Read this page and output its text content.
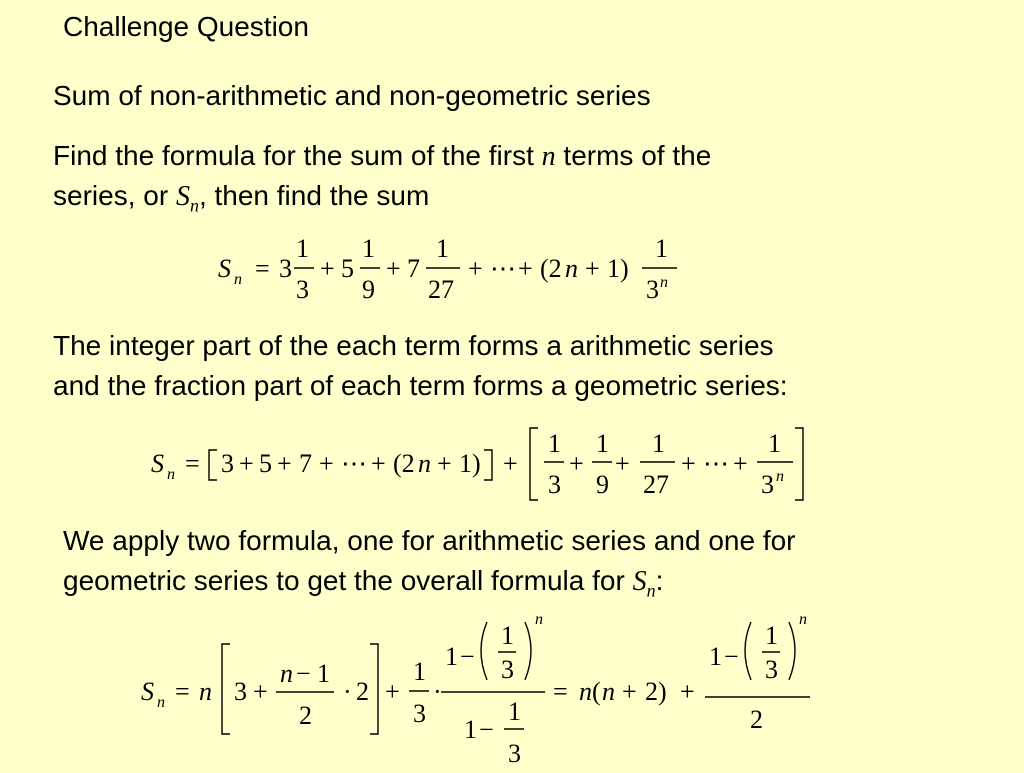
Challenge Question
Sum of non-arithmetic and non-geometric series
Find the formula for the sum of the first n terms of the
series, or $S_n$, then find the sum
S n = 3
1
3
+ 5
1
9
+ 7
1
27
+ ⋯ + (2 n + 1)
1
3 n
The integer part of the each term forms a arithmetic series
and the fraction part of each term forms a geometric series:
S n = 3 + 5 + 7 + ⋯ + (2 n + 1) +
1
3
+
1
9
+
1
27
+ ⋯ +
1
3 n
We apply two formula, one for arithmetic series and one for
geometric series to get the overall formula for $S_n$:
S n = n 3 +
n − 1
2
· 2 +
1
3
·
1 −
1
3
n
1 −
1
3
= n ( n + 2) +
1 −
1
3
n
2
